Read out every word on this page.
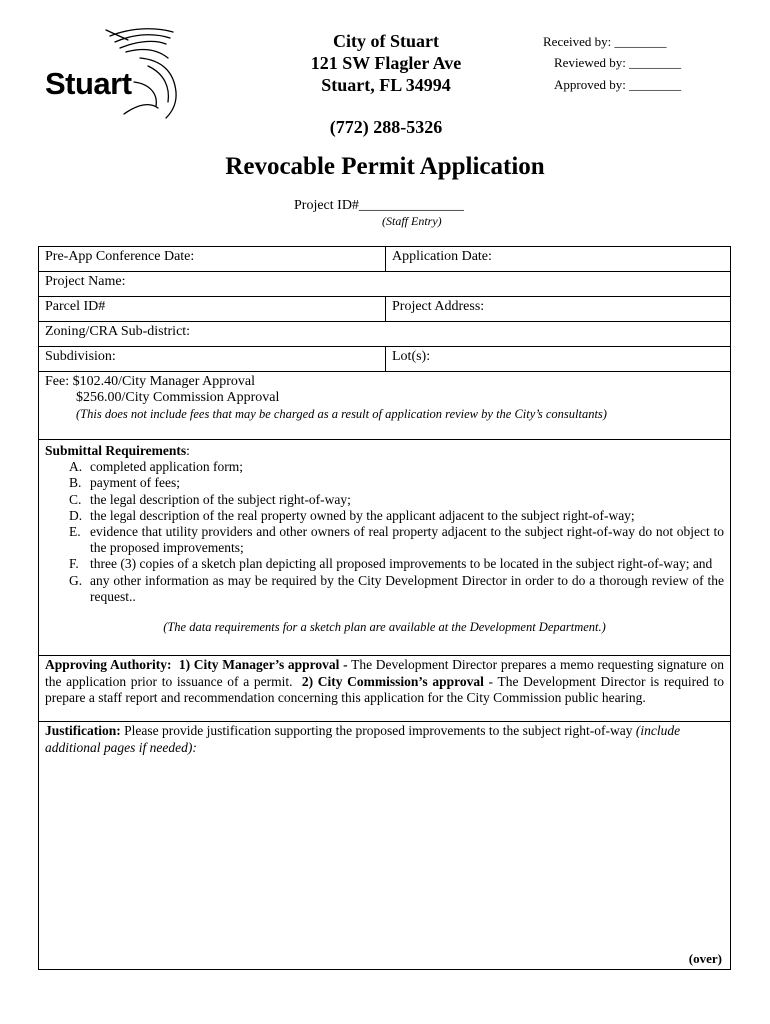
Stuart
City of Stuart
121 SW Flagler Ave
Stuart, FL 34994
(772) 288-5326
Received by: ________
Reviewed by: ________
Approved by: ________
Revocable Permit Application
Project ID#_______________
(Staff Entry)
Pre-App Conference Date:	Application Date:
Project Name:
Parcel ID#	Project Address:
Zoning/CRA Sub-district:
Subdivision:	Lot(s):
Fee: $102.40/City Manager Approval
$256.00/City Commission Approval
(This does not include fees that may be charged as a result of application review by the City’s consultants)
Submittal Requirements:
A. completed application form;
B. payment of fees;
C. the legal description of the subject right-of-way;
D. the legal description of the real property owned by the applicant adjacent to the subject right-of-way;
E. evidence that utility providers and other owners of real property adjacent to the subject right-of-way do not object to the proposed improvements;
F. three (3) copies of a sketch plan depicting all proposed improvements to be located in the subject right-of-way; and
G. any other information as may be required by the City Development Director in order to do a thorough review of the request..
(The data requirements for a sketch plan are available at the Development Department.)
Approving Authority: 1) City Manager’s approval - The Development Director prepares a memo requesting signature on the application prior to issuance of a permit. 2) City Commission’s approval - The Development Director is required to prepare a staff report and recommendation concerning this application for the City Commission public hearing.
Justification: Please provide justification supporting the proposed improvements to the subject right-of-way (include additional pages if needed):
(over)
